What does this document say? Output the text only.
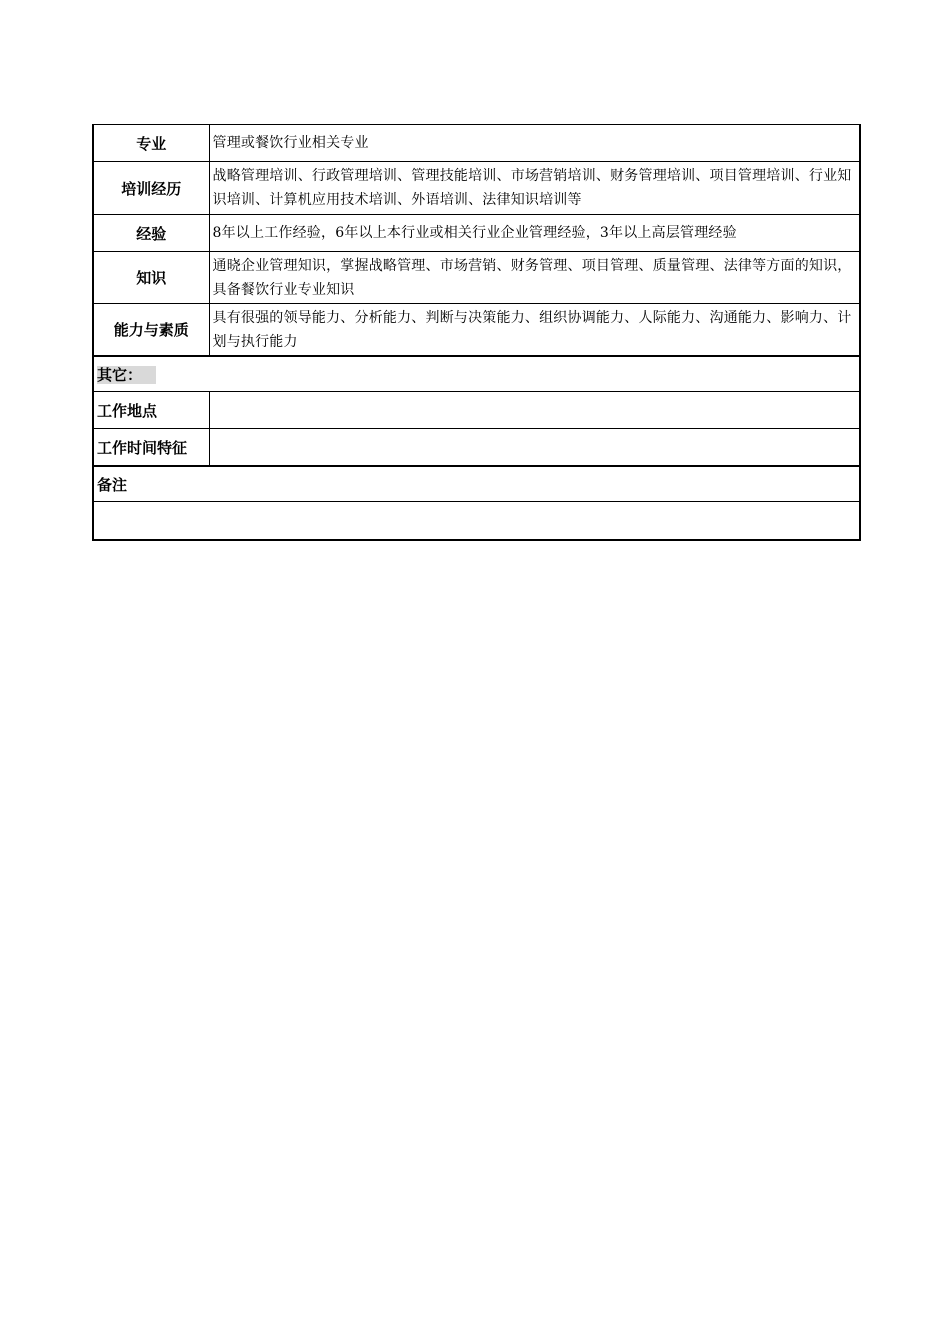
专业	管理或餐饮行业相关专业
培训经历	战略管理培训、行政管理培训、管理技能培训、市场营销培训、财务管理培训、项目管理培训、行业知识培训、计算机应用技术培训、外语培训、法律知识培训等
经验	8年以上工作经验，6年以上本行业或相关行业企业管理经验，3年以上高层管理经验
知识	通晓企业管理知识，掌握战略管理、市场营销、财务管理、项目管理、质量管理、法律等方面的知识，具备餐饮行业专业知识
能力与素质	具有很强的领导能力、分析能力、判断与决策能力、组织协调能力、人际能力、沟通能力、影响力、计划与执行能力
其它：	
工作地点	
工作时间特征	
备注	
